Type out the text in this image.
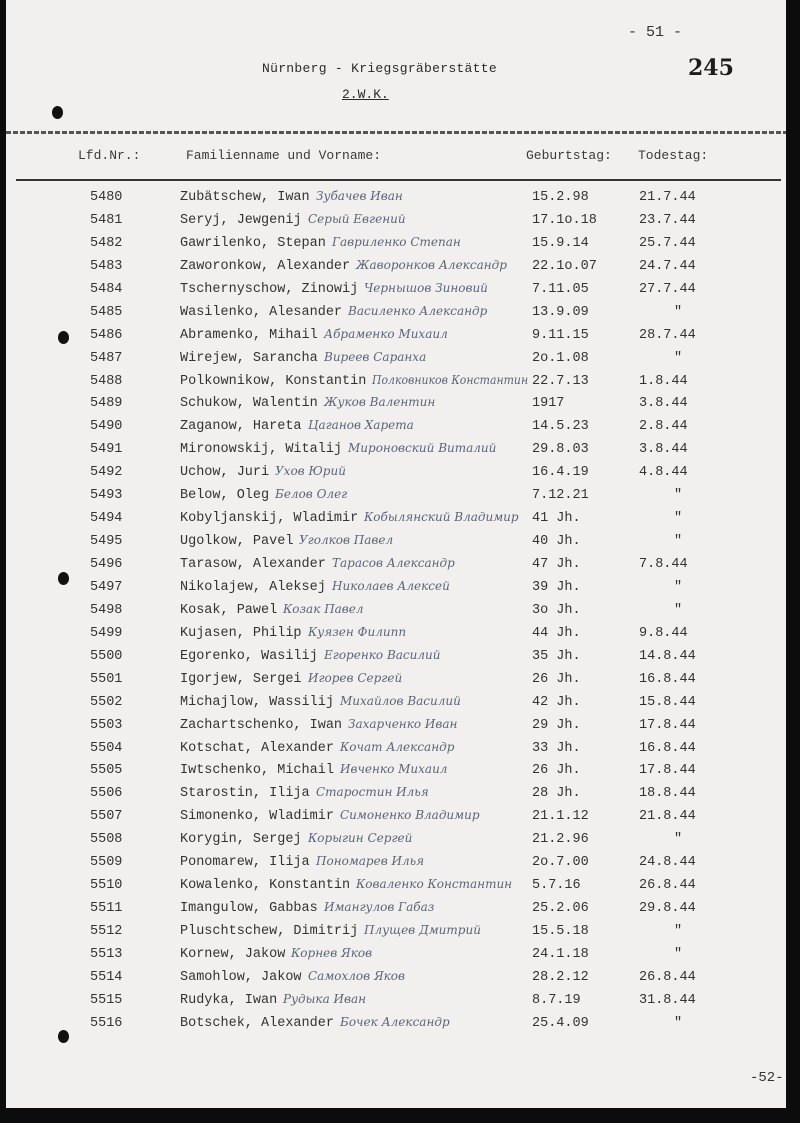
- 51 -
245
Nürnberg - Kriegsgräberstätte
2.W.K.
Lfd.Nr.:	Familienname und Vorname:	Geburtstag: Todestag:
5480	Zubätschew, Iwan Зубачев Иван	15.2.98	21.7.44
5481	Seryj, Jewgenij Серый Евгений	17.1o.18	23.7.44
5482	Gawrilenko, Stepan Гавриленко Степан	15.9.14	25.7.44
5483	Zaworonkow, Alexander Жаворонков Александр 22.1o.07	24.7.44
5484	Tschernyschow, Zinowij Чернышов Зиновий	7.11.05	27.7.44
5485	Wasilenko, Alesander Василенко Александр	13.9.09	"
5486	Abramenko, Mihail Абраменко Михаил	9.11.15	28.7.44
5487	Wirejew, Sarancha Виреев Саранха	2o.1.08	"
5488	Polkownikow, Konstantin Полковников Константин 22.7.13	1.8.44
5489	Schukow, Walentin Жуков Валентин	1917	3.8.44
5490	Zaganow, Hareta Цаганов Харета	14.5.23	2.8.44
5491	Mironowskij, Witalij Мироновский Виталий	29.8.03	3.8.44
5492	Uchow, Juri Ухов Юрий	16.4.19	4.8.44
5493	Below, Oleg Белов Олег	7.12.21	"
5494	Kobyljanskij, Wladimir Кобылянский Владимир 41 Jh.	"
5495	Ugolkow, Pavel Уголков Павел	40 Jh.	"
5496	Tarasow, Alexander Тарасов Александр	47 Jh.	7.8.44
5497	Nikolajew, Aleksej Николаев Алексей	39 Jh.	"
5498	Kosak, Pawel Козак Павел	3o Jh.	"
5499	Kujasen, Philip Куязен Филипп	44 Jh.	9.8.44
5500	Egorenko, Wasilij Егоренко Василий	35 Jh.	14.8.44
5501	Igorjew, Sergei Игорев Сергей	26 Jh.	16.8.44
5502	Michajlow, Wassilij Михайлов Василий	42 Jh.	15.8.44
5503	Zachartschenko, Iwan Захарченко Иван	29 Jh.	17.8.44
5504	Kotschat, Alexander Кочат Александр	33 Jh.	16.8.44
5505	Iwtschenko, Michail Ивченко Михаил	26 Jh.	17.8.44
5506	Starostin, Ilija Старостин Илья	28 Jh.	18.8.44
5507	Simonenko, Wladimir Симоненко Владимир	21.1.12	21.8.44
5508	Korygin, Sergej Корыгин Сергей	21.2.96	"
5509	Ponomarew, Ilija Пономарев Илья	2o.7.00	24.8.44
5510	Kowalenko, Konstantin Коваленко Константин 5.7.16	26.8.44
5511	Imangulow, Gabbas Имангулов Габаз	25.2.06	29.8.44
5512	Pluschtschew, Dimitrij Плущев Дмитрий	15.5.18	"
5513	Kornew, Jakow Корнев Яков	24.1.18	"
5514	Samohlow, Jakow Самохлов Яков	28.2.12	26.8.44
5515	Rudyka, Iwan Рудыка Иван	8.7.19	31.8.44
5516	Botschek, Alexander Бочек Александр	25.4.09	"
-52-
